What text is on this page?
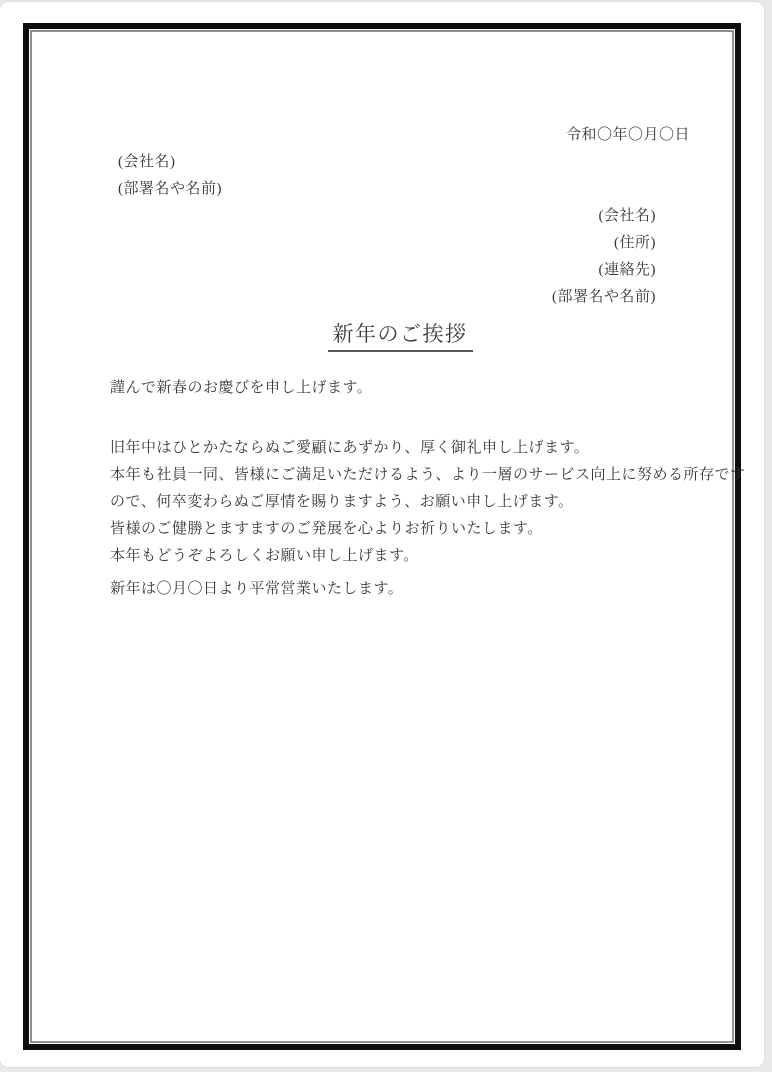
令和〇年〇月〇日
(会社名)
(部署名や名前)
(会社名)
(住所)
(連絡先)
(部署名や名前)
新年のご挨拶
謹んで新春のお慶びを申し上げます。
旧年中はひとかたならぬご愛顧にあずかり、厚く御礼申し上げます。
本年も社員一同、皆様にご満足いただけるよう、より一層のサービス向上に努める所存です
ので、何卒変わらぬご厚情を賜りますよう、お願い申し上げます。
皆様のご健勝とますますのご発展を心よりお祈りいたします。
本年もどうぞよろしくお願い申し上げます。
新年は〇月〇日より平常営業いたします。
